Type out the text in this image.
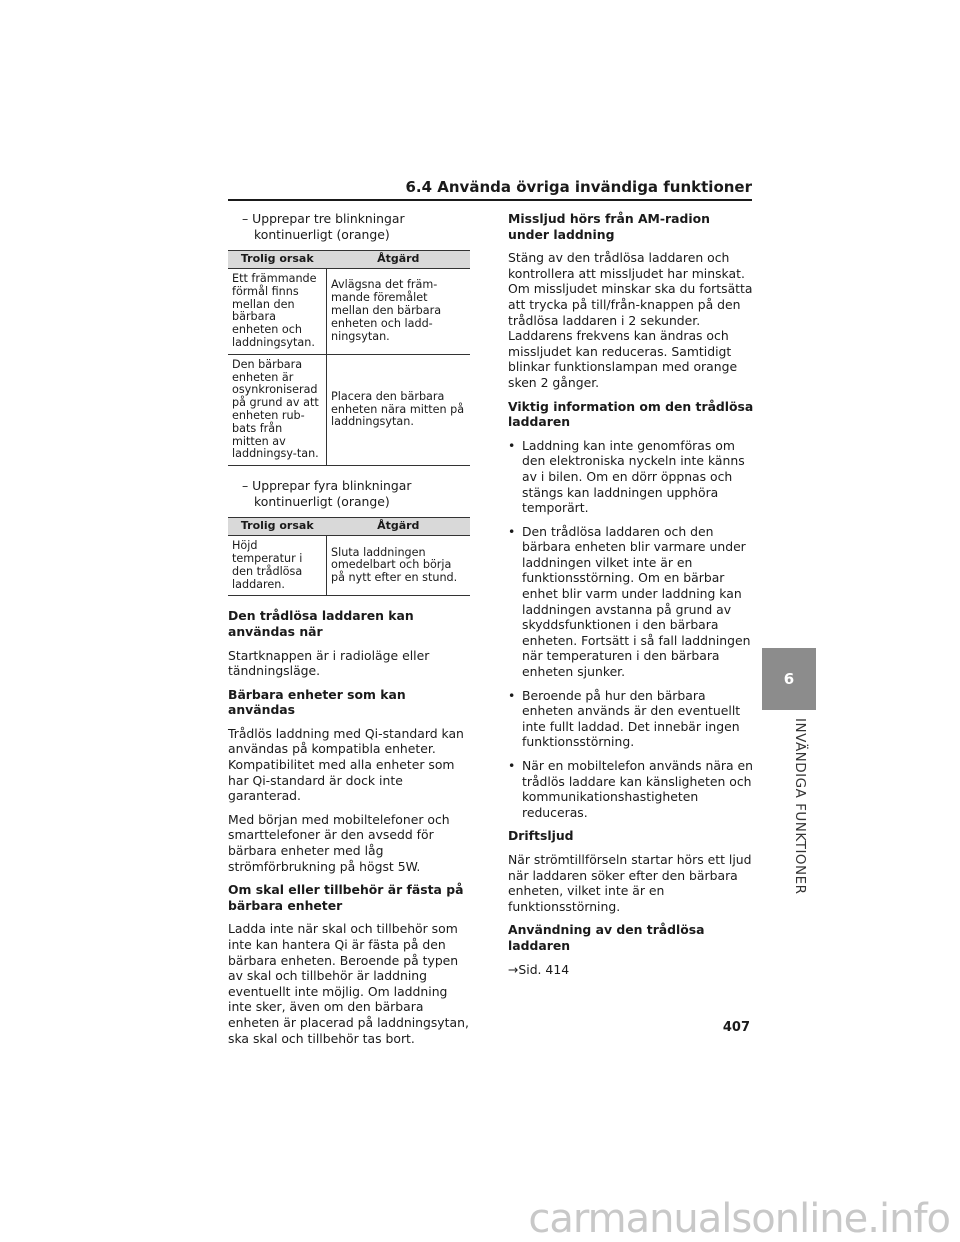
6.4 Använda övriga invändiga funktioner

– Upprepar tre blinkningar kontinuerligt (orange)

Trolig orsak	Åtgärd
Ett främmande förmål finns mellan den bärbara enheten och laddningsytan.	Avlägsna det främ-mande föremålet mellan den bärbara enheten och ladd-ningsytan.
Den bärbara enheten är osynkroniserad på grund av att enheten rub-bats från mitten av laddningsy-tan.	Placera den bärbara enheten nära mitten på laddningsytan.

– Upprepar fyra blinkningar kontinuerligt (orange)

Trolig orsak	Åtgärd
Höjd temperatur i den trådlösa laddaren.	Sluta laddningen omedelbart och börja på nytt efter en stund.

Den trådlösa laddaren kan användas när

Startknappen är i radioläge eller tändningsläge.

Bärbara enheter som kan användas

Trådlös laddning med Qi-standard kan användas på kompatibla enheter. Kompatibilitet med alla enheter som har Qi-standard är dock inte garanterad.

Med början med mobiltelefoner och smarttelefoner är den avsedd för bärbara enheter med låg strömförbrukning på högst 5W.

Om skal eller tillbehör är fästa på bärbara enheter

Ladda inte när skal och tillbehör som inte kan hantera Qi är fästa på den bärbara enheten. Beroende på typen av skal och tillbehör är laddning eventuellt inte möjlig. Om laddning inte sker, även om den bärbara enheten är placerad på laddningsytan, ska skal och tillbehör tas bort.

Missljud hörs från AM-radion under laddning

Stäng av den trådlösa laddaren och kontrollera att missljudet har minskat. Om missljudet minskar ska du fortsätta att trycka på till/från-knappen på den trådlösa laddaren i 2 sekunder. Laddarens frekvens kan ändras och missljudet kan reduceras. Samtidigt blinkar funktionslampan med orange sken 2 gånger.

Viktig information om den trådlösa laddaren

• Laddning kan inte genomföras om den elektroniska nyckeln inte känns av i bilen. Om en dörr öppnas och stängs kan laddningen upphöra temporärt.
• Den trådlösa laddaren och den bärbara enheten blir varmare under laddningen vilket inte är en funktionsstörning. Om en bärbar enhet blir varm under laddning kan laddningen avstanna på grund av skyddsfunktionen i den bärbara enheten. Fortsätt i så fall laddningen när temperaturen i den bärbara enheten sjunker.
• Beroende på hur den bärbara enheten används är den eventuellt inte fullt laddad. Det innebär ingen funktionsstörning.
• När en mobiltelefon används nära en trådlös laddare kan känsligheten och kommunikationshastigheten reduceras.

Driftsljud

När strömtillförseln startar hörs ett ljud när laddaren söker efter den bärbara enheten, vilket inte är en funktionsstörning.

Användning av den trådlösa laddaren

→Sid. 414

6
INVÄNDIGA FUNKTIONER
407
carmanualsonline.info
